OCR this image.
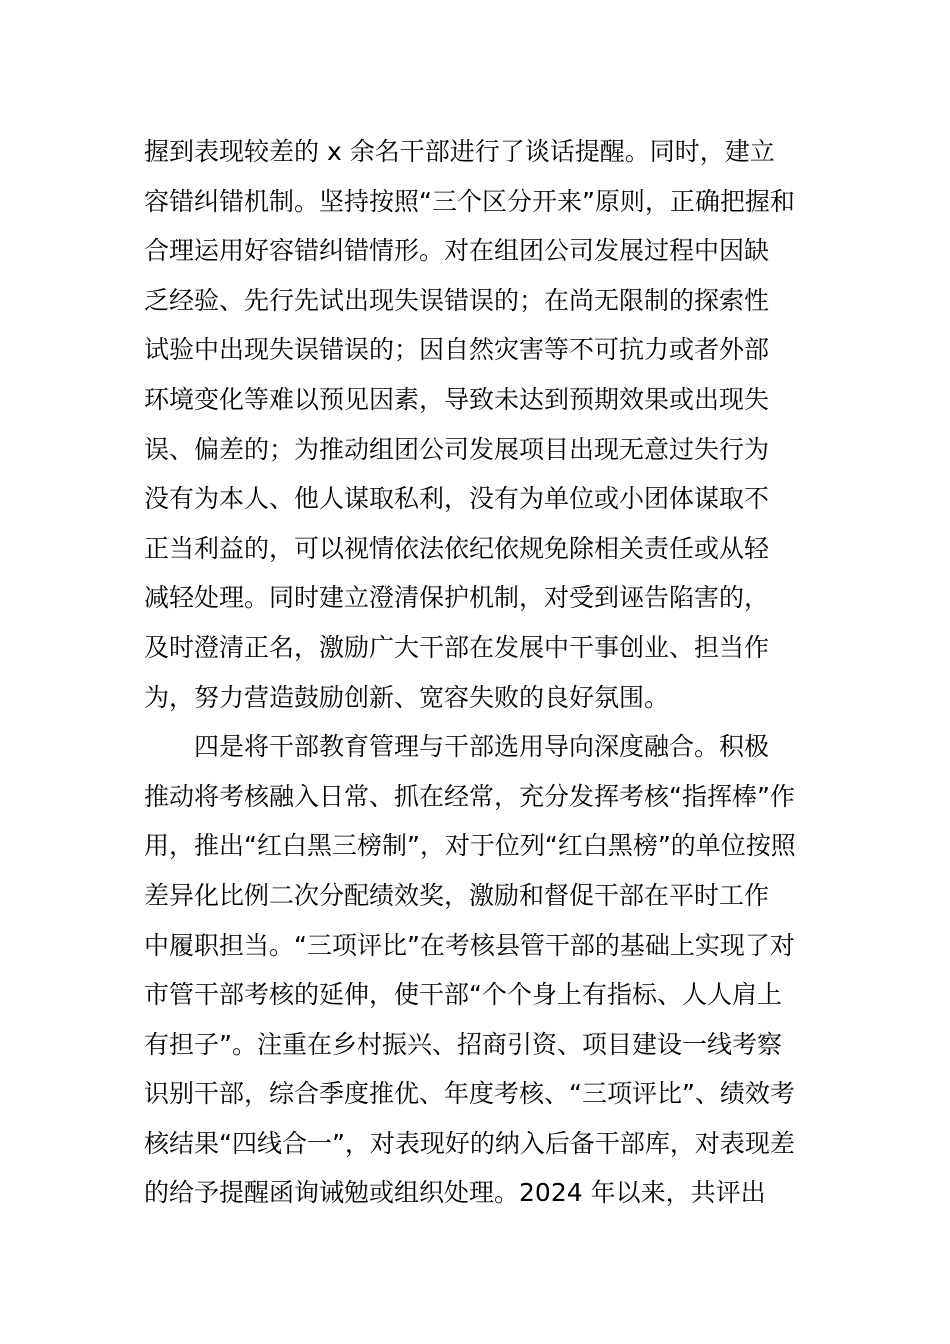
握到表现较差的 x 余名干部进行了谈话提醒。同时，建立
容错纠错机制。坚持按照“三个区分开来”原则，正确把握和
合理运用好容错纠错情形。对在组团公司发展过程中因缺
乏经验、先行先试出现失误错误的；在尚无限制的探索性
试验中出现失误错误的；因自然灾害等不可抗力或者外部
环境变化等难以预见因素，导致未达到预期效果或出现失
误、偏差的；为推动组团公司发展项目出现无意过失行为
没有为本人、他人谋取私利，没有为单位或小团体谋取不
正当利益的，可以视情依法依纪依规免除相关责任或从轻
减轻处理。同时建立澄清保护机制，对受到诬告陷害的，
及时澄清正名，激励广大干部在发展中干事创业、担当作
为，努力营造鼓励创新、宽容失败的良好氛围。
四是将干部教育管理与干部选用导向深度融合。积极
推动将考核融入日常、抓在经常，充分发挥考核“指挥棒”作
用，推出“红白黑三榜制”，对于位列“红白黑榜”的单位按照
差异化比例二次分配绩效奖，激励和督促干部在平时工作
中履职担当。“三项评比”在考核县管干部的基础上实现了对
市管干部考核的延伸，使干部“个个身上有指标、人人肩上
有担子”。注重在乡村振兴、招商引资、项目建设一线考察
识别干部，综合季度推优、年度考核、“三项评比”、绩效考
核结果“四线合一”，对表现好的纳入后备干部库，对表现差
的给予提醒函询诫勉或组织处理。2024 年以来，共评出
